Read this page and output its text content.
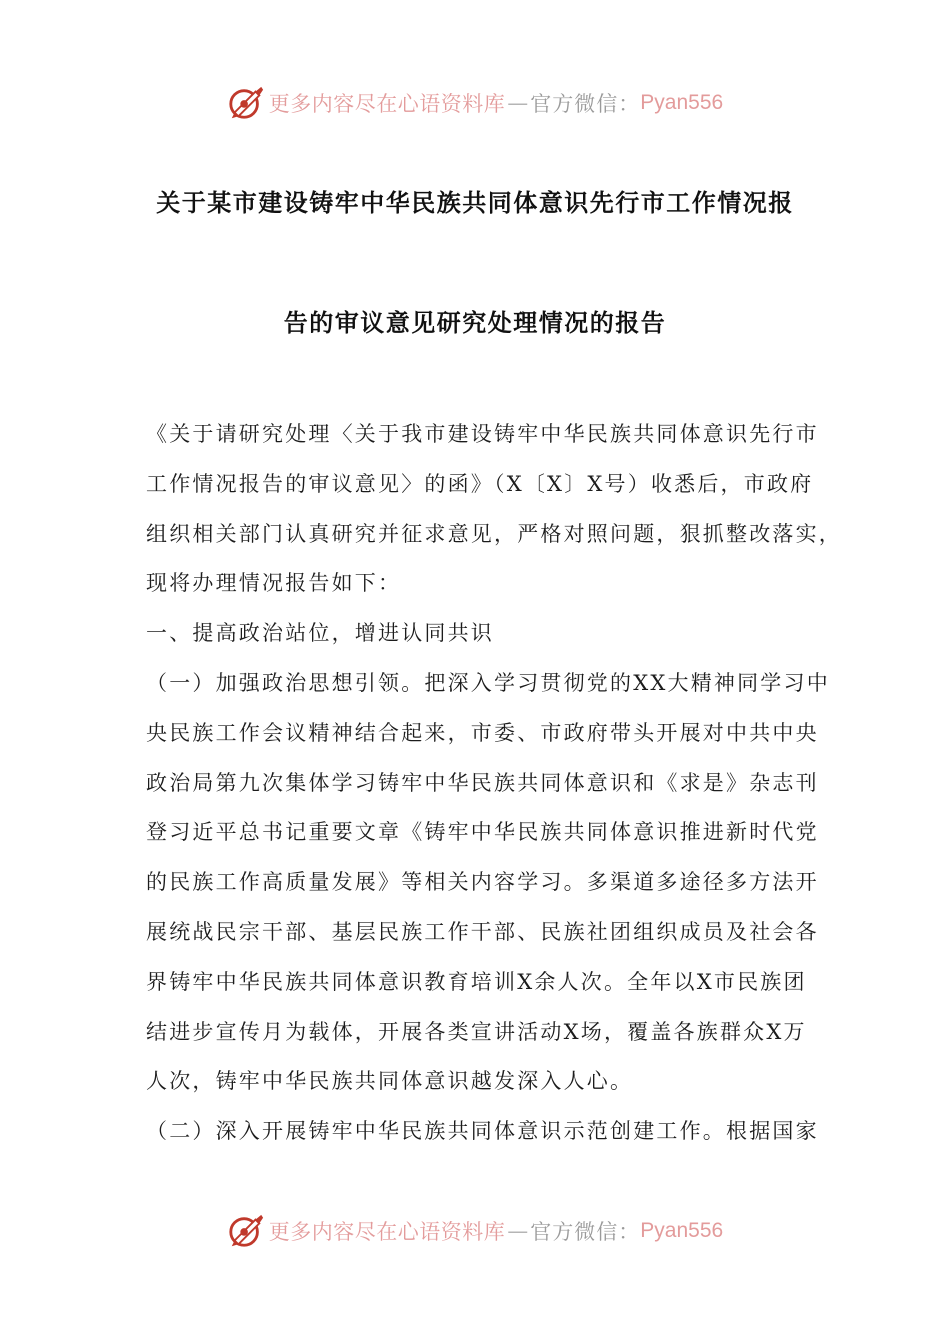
更多内容尽在心语资料库 — 官方微信： Pyan556
关于某市建设铸牢中华民族共同体意识先行市工作情况报
告的审议意见研究处理情况的报告
《关于请研究处理〈关于我市建设铸牢中华民族共同体意识先行市
工作情况报告的审议意见〉的函》（X〔X〕X号）收悉后，市政府
组织相关部门认真研究并征求意见，严格对照问题，狠抓整改落实，
现将办理情况报告如下：
一、提高政治站位，增进认同共识
（一）加强政治思想引领。把深入学习贯彻党的XX大精神同学习中
央民族工作会议精神结合起来，市委、市政府带头开展对中共中央
政治局第九次集体学习铸牢中华民族共同体意识和《求是》杂志刊
登习近平总书记重要文章《铸牢中华民族共同体意识推进新时代党
的民族工作高质量发展》等相关内容学习。多渠道多途径多方法开
展统战民宗干部、基层民族工作干部、民族社团组织成员及社会各
界铸牢中华民族共同体意识教育培训X余人次。全年以X市民族团
结进步宣传月为载体，开展各类宣讲活动X场，覆盖各族群众X万
人次，铸牢中华民族共同体意识越发深入人心。
（二）深入开展铸牢中华民族共同体意识示范创建工作。根据国家
更多内容尽在心语资料库 — 官方微信： Pyan556
